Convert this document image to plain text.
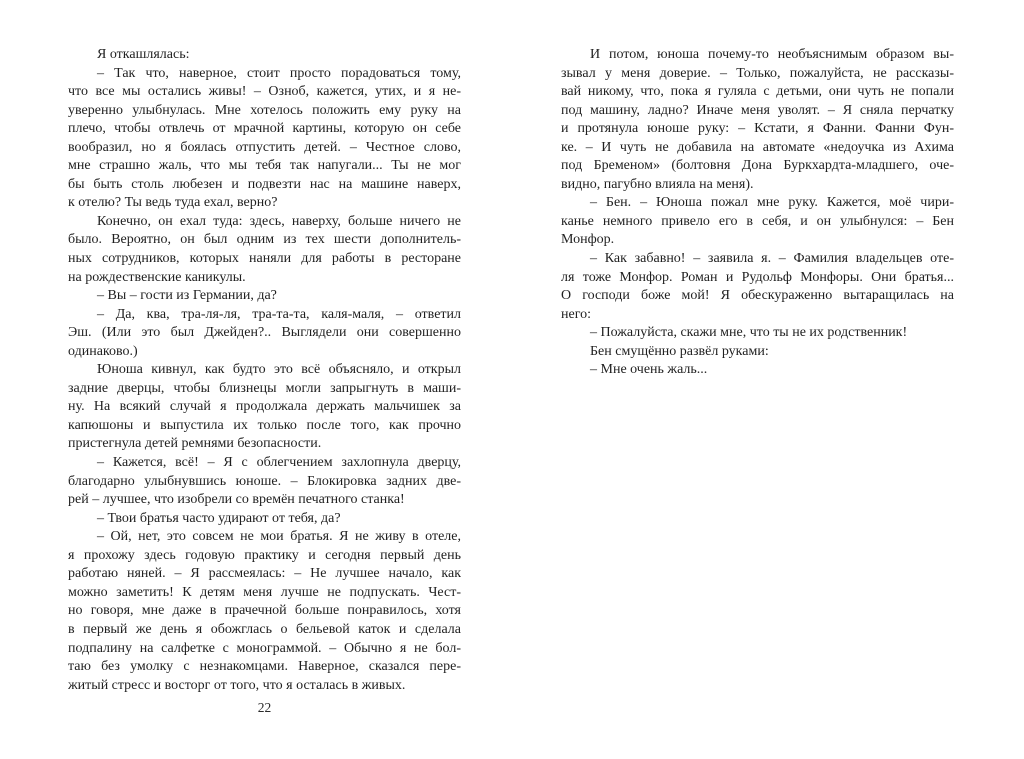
Я откашлялась:
– Так что, наверное, стоит просто порадоваться тому,
что все мы остались живы! – Озноб, кажется, утих, и я не-
уверенно улыбнулась. Мне хотелось положить ему руку на
плечо, чтобы отвлечь от мрачной картины, которую он себе
вообразил, но я боялась отпустить детей. – Честное слово,
мне страшно жаль, что мы тебя так напугали... Ты не мог
бы быть столь любезен и подвезти нас на машине наверх,
к отелю? Ты ведь туда ехал, верно?
Конечно, он ехал туда: здесь, наверху, больше ничего не
было. Вероятно, он был одним из тех шести дополнитель-
ных сотрудников, которых наняли для работы в ресторане
на рождественские каникулы.
– Вы – гости из Германии, да?
– Да, ква, тра-ля-ля, тра-та-та, каля-маля, – ответил
Эш. (Или это был Джейден?.. Выглядели они совершенно
одинаково.)
Юноша кивнул, как будто это всё объясняло, и открыл
задние дверцы, чтобы близнецы могли запрыгнуть в маши-
ну. На всякий случай я продолжала держать мальчишек за
капюшоны и выпустила их только после того, как прочно
пристегнула детей ремнями безопасности.
– Кажется, всё! – Я с облегчением захлопнула дверцу,
благодарно улыбнувшись юноше. – Блокировка задних две-
рей – лучшее, что изобрели со времён печатного станка!
– Твои братья часто удирают от тебя, да?
– Ой, нет, это совсем не мои братья. Я не живу в отеле,
я прохожу здесь годовую практику и сегодня первый день
работаю няней. – Я рассмеялась: – Не лучшее начало, как
можно заметить! К детям меня лучше не подпускать. Чест-
но говоря, мне даже в прачечной больше понравилось, хотя
в первый же день я обожглась о бельевой каток и сделала
подпалину на салфетке с монограммой. – Обычно я не бол-
таю без умолку с незнакомцами. Наверное, сказался пере-
житый стресс и восторг от того, что я осталась в живых.
И потом, юноша почему-то необъяснимым образом вы-
зывал у меня доверие. – Только, пожалуйста, не рассказы-
вай никому, что, пока я гуляла с детьми, они чуть не попали
под машину, ладно? Иначе меня уволят. – Я сняла перчатку
и протянула юноше руку: – Кстати, я Фанни. Фанни Фун-
ке. – И чуть не добавила на автомате «недоучка из Ахима
под Бременом» (болтовня Дона Буркхардта-младшего, оче-
видно, пагубно влияла на меня).
– Бен. – Юноша пожал мне руку. Кажется, моё чири-
канье немного привело его в себя, и он улыбнулся: – Бен
Монфор.
– Как забавно! – заявила я. – Фамилия владельцев оте-
ля тоже Монфор. Роман и Рудольф Монфоры. Они братья...
О господи боже мой! Я обескураженно вытаращилась на
него:
– Пожалуйста, скажи мне, что ты не их родственник!
Бен смущённо развёл руками:
– Мне очень жаль...
22
